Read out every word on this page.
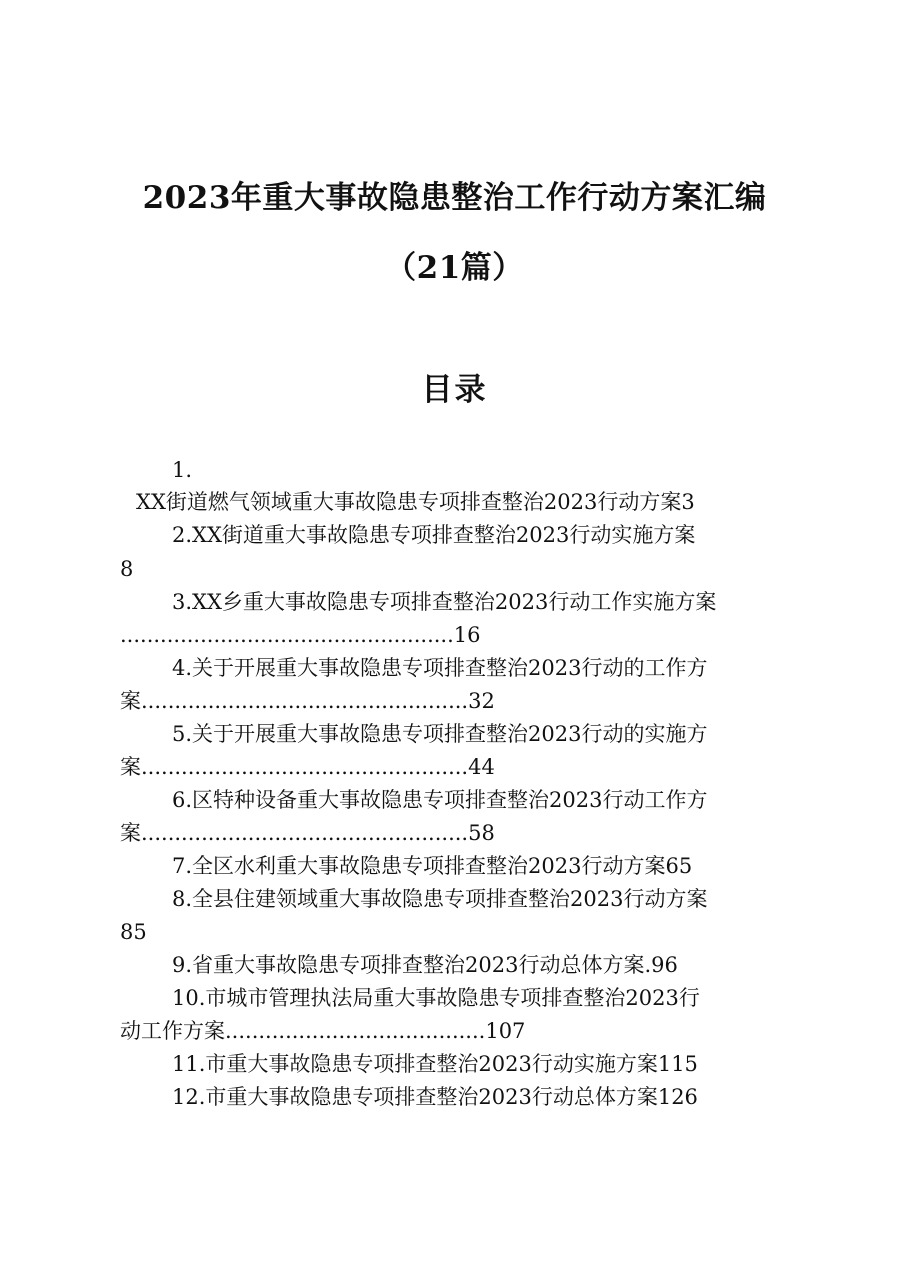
2023年重大事故隐患整治工作行动方案汇编
（21篇）
目录
1.
XX街道燃气领域重大事故隐患专项排查整治2023行动方案3
2.XX街道重大事故隐患专项排查整治2023行动实施方案
8
3.XX乡重大事故隐患专项排查整治2023行动工作实施方案
..................................................16
4.关于开展重大事故隐患专项排查整治2023行动的工作方
案.................................................32
5.关于开展重大事故隐患专项排查整治2023行动的实施方
案.................................................44
6.区特种设备重大事故隐患专项排查整治2023行动工作方
案.................................................58
7.全区水利重大事故隐患专项排查整治2023行动方案65
8.全县住建领域重大事故隐患专项排查整治2023行动方案
85
9.省重大事故隐患专项排查整治2023行动总体方案.96
10.市城市管理执法局重大事故隐患专项排查整治2023行
动工作方案.......................................107
11.市重大事故隐患专项排查整治2023行动实施方案115
12.市重大事故隐患专项排查整治2023行动总体方案126
